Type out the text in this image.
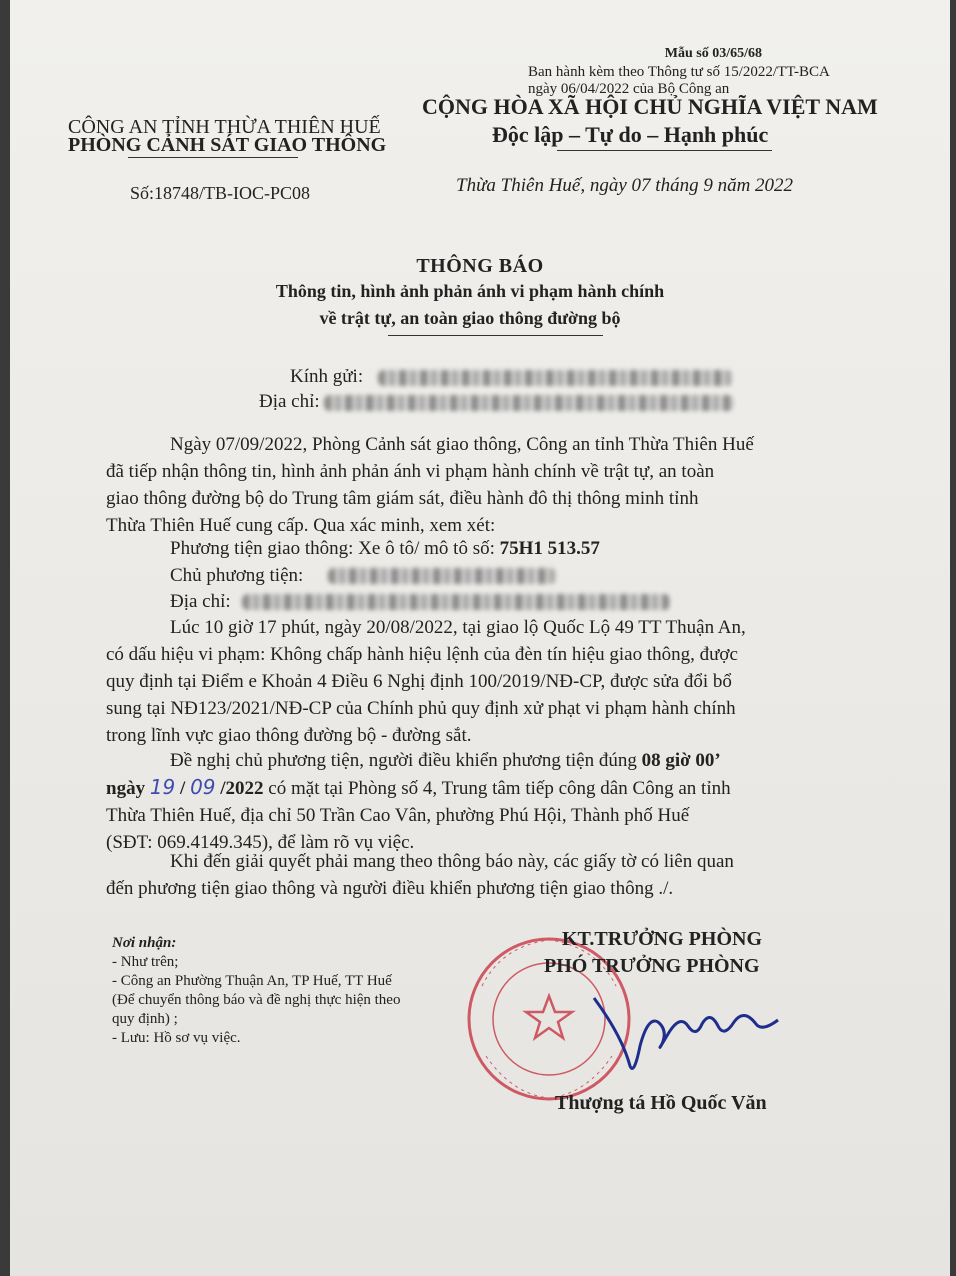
Mẫu số 03/65/68
Ban hành kèm theo Thông tư số 15/2022/TT-BCA
ngày 06/04/2022 của Bộ Công an
CÔNG AN TỈNH THỪA THIÊN HUẾ
PHÒNG CẢNH SÁT GIAO THÔNG
CỘNG HÒA XÃ HỘI CHỦ NGHĨA VIỆT NAM
Độc lập – Tự do – Hạnh phúc
Số:18748/TB-IOC-PC08	Thừa Thiên Huế, ngày 07 tháng 9 năm 2022
THÔNG BÁO
Thông tin, hình ảnh phản ánh vi phạm hành chính
về trật tự, an toàn giao thông đường bộ
Kính gửi:
Địa chỉ:
Ngày 07/09/2022, Phòng Cảnh sát giao thông, Công an tỉnh Thừa Thiên Huế
đã tiếp nhận thông tin, hình ảnh phản ánh vi phạm hành chính về trật tự, an toàn
giao thông đường bộ do Trung tâm giám sát, điều hành đô thị thông minh tỉnh
Thừa Thiên Huế cung cấp. Qua xác minh, xem xét:
Phương tiện giao thông: Xe ô tô/ mô tô số: 75H1 513.57
Chủ phương tiện:
Địa chỉ:
Lúc 10 giờ 17 phút, ngày 20/08/2022, tại giao lộ Quốc Lộ 49 TT Thuận An,
có dấu hiệu vi phạm: Không chấp hành hiệu lệnh của đèn tín hiệu giao thông, được
quy định tại Điểm e Khoản 4 Điều 6 Nghị định 100/2019/NĐ-CP, được sửa đổi bổ
sung tại NĐ123/2021/NĐ-CP của Chính phủ quy định xử phạt vi phạm hành chính
trong lĩnh vực giao thông đường bộ - đường sắt.
Đề nghị chủ phương tiện, người điều khiển phương tiện đúng 08 giờ 00’
ngày 19 / 09 /2022 có mặt tại Phòng số 4, Trung tâm tiếp công dân Công an tỉnh
Thừa Thiên Huế, địa chỉ 50 Trần Cao Vân, phường Phú Hội, Thành phố Huế
(SĐT: 069.4149.345), để làm rõ vụ việc.
Khi đến giải quyết phải mang theo thông báo này, các giấy tờ có liên quan
đến phương tiện giao thông và người điều khiển phương tiện giao thông ./.
Nơi nhận:
- Như trên;
- Công an Phường Thuận An, TP Huế, TT Huế
(Để chuyển thông báo và đề nghị thực hiện theo
quy định) ;
- Lưu: Hồ sơ vụ việc.
KT.TRƯỞNG PHÒNG
PHÓ TRƯỞNG PHÒNG
Thượng tá Hồ Quốc Văn
